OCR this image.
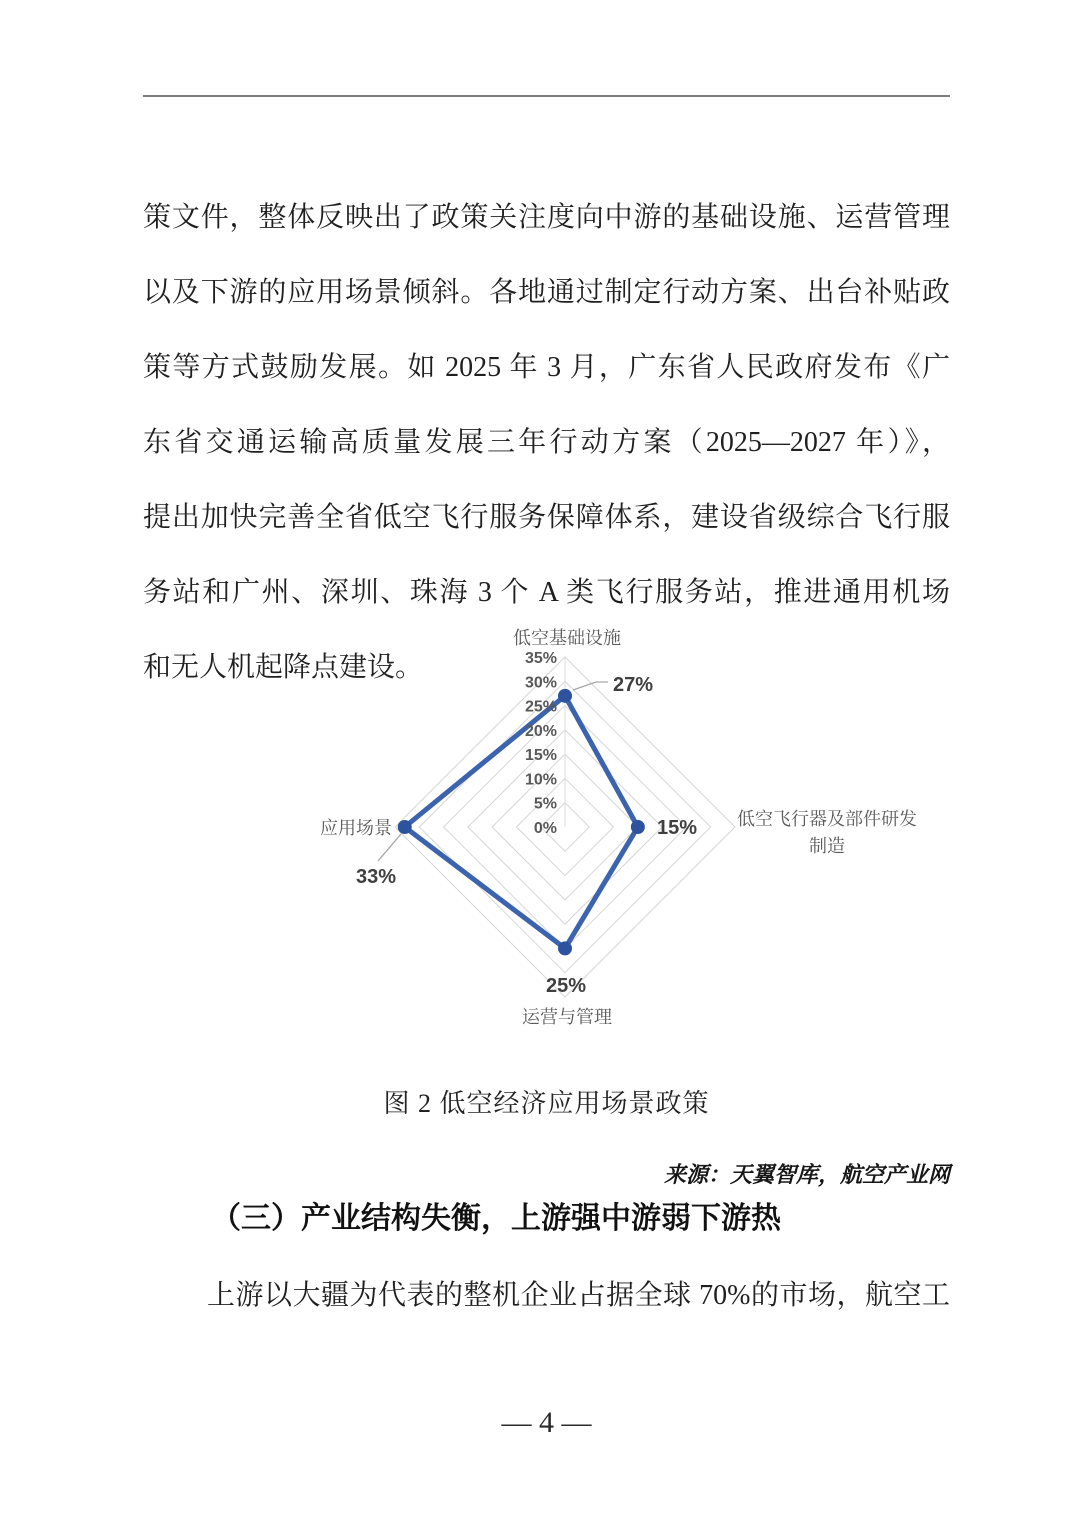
策文件，整体反映出了政策关注度向中游的基础设施、运营管理
以及下游的应用场景倾斜。各地通过制定行动方案、出台补贴政
策等方式鼓励发展。如 2025 年 3 月，广东省人民政府发布《广
东省交通运输高质量发展三年行动方案（2025—2027 年）》，
提出加快完善全省低空飞行服务保障体系，建设省级综合飞行服
务站和广州、深圳、珠海 3 个 A 类飞行服务站，推进通用机场
和无人机起降点建设。
0%
5%
10%
15%
20%
25%
30%
35%
低空基础设施
低空飞行器及部件研发
制造
运营与管理
应用场景
27%
15%
25%
33%
图 2 低空经济应用场景政策
来源：天翼智库，航空产业网
（三）产业结构失衡，上游强中游弱下游热
上游以大疆为代表的整机企业占据全球 70%的市场，航空工
— 4 —
